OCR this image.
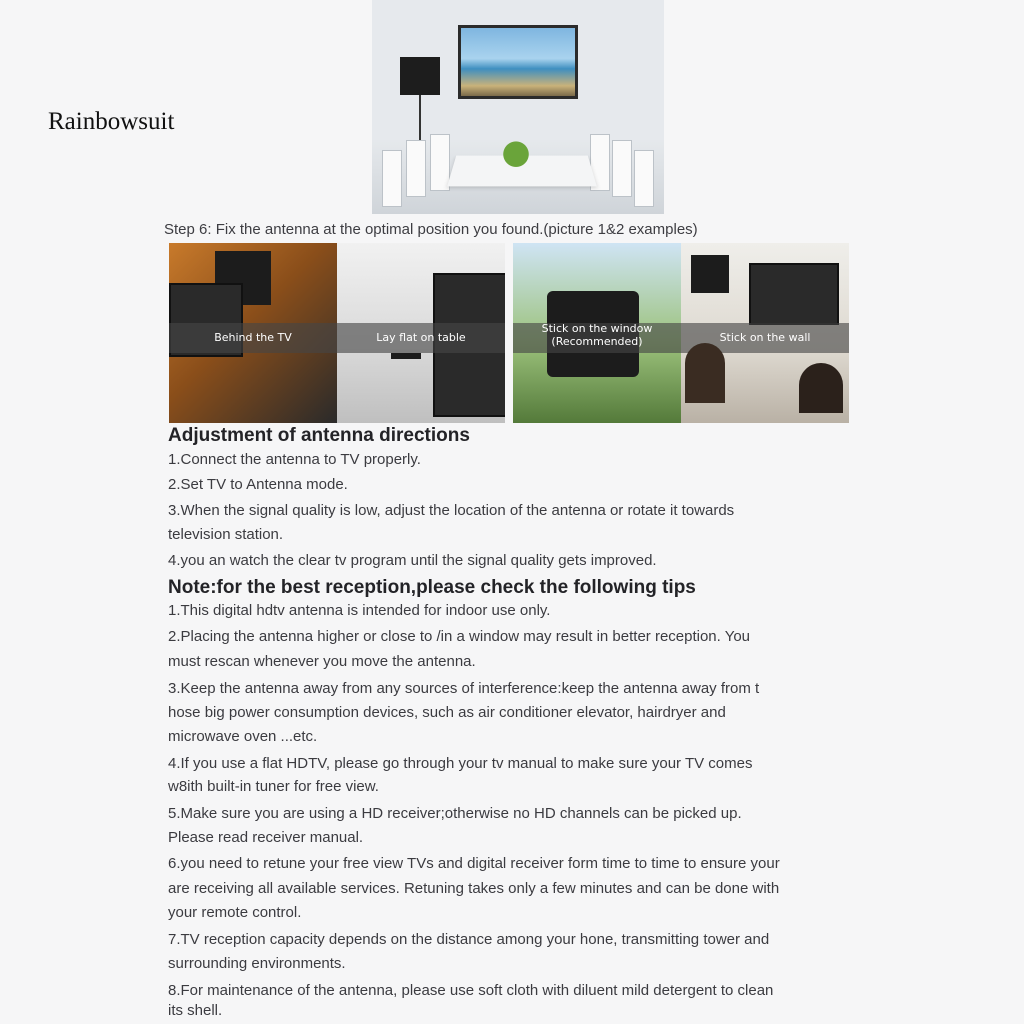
Rainbowsuit
Step 6: Fix the antenna at the optimal position you found.(picture 1&2 examples)
Behind the TV	Lay flat on table
Stick on the window
(Recommended)	Stick on the wall
Adjustment of antenna directions
1.Connect the antenna to TV properly.
2.Set TV to Antenna mode.
3.When the signal quality is low, adjust the location of the antenna or rotate it towards
television station.
4.you an watch the clear tv program until the signal quality gets improved.
Note:for the best reception,please check the following tips
1.This digital hdtv antenna is intended for indoor use only.
2.Placing the antenna higher or close to /in a window may result in better reception. You
must rescan whenever you move the antenna.
3.Keep the antenna away from any sources of interference:keep the antenna away from t
hose big power consumption devices, such as air conditioner elevator, hairdryer and
microwave oven ...etc.
4.If you use a flat HDTV, please go through your tv manual to make sure your TV comes
w8ith built-in tuner for free view.
5.Make sure you are using a HD receiver;otherwise no HD channels can be picked up.
Please read receiver manual.
6.you need to retune your free view TVs and digital receiver form time to time to ensure your
are receiving all available services. Retuning takes only a few minutes and can be done with
your remote control.
7.TV reception capacity depends on the distance among your hone, transmitting tower and
surrounding environments.
8.For maintenance of the antenna, please use soft cloth with diluent mild detergent to clean
its shell.
